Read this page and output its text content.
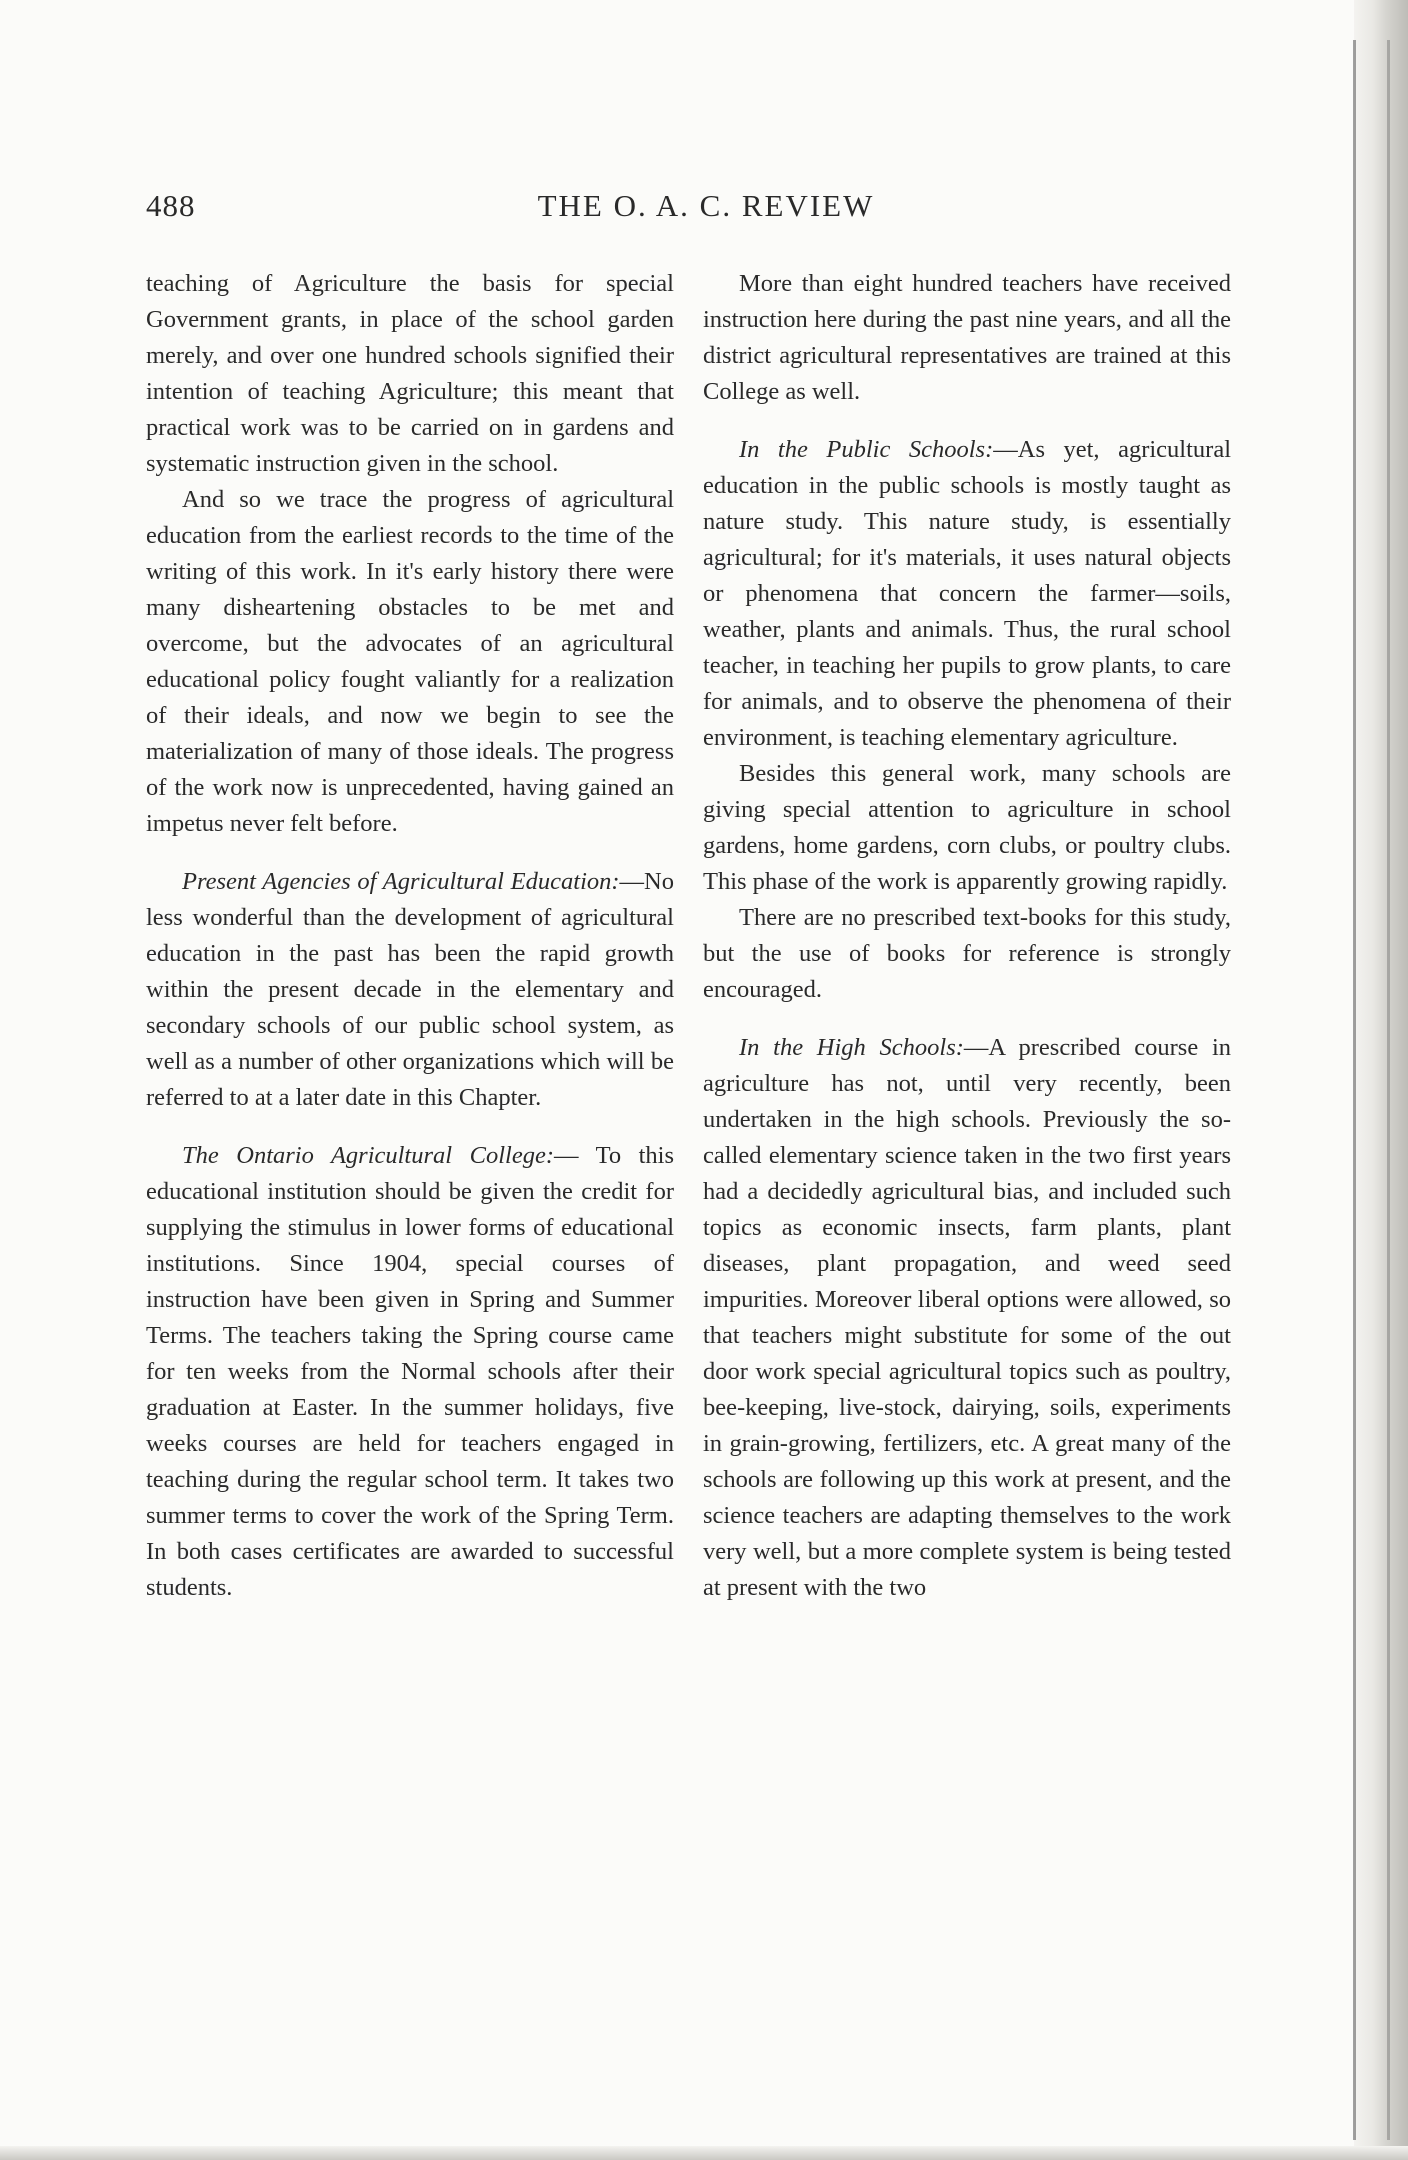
488	THE O. A. C. REVIEW

teaching of Agriculture the basis for special Government grants, in place of the school garden merely, and over one hundred schools signified their intention of teaching Agriculture; this meant that practical work was to be carried on in gardens and systematic instruction given in the school.

And so we trace the progress of agricultural education from the earliest records to the time of the writing of this work. In it's early history there were many disheartening obstacles to be met and overcome, but the advocates of an agricultural educational policy fought valiantly for a realization of their ideals, and now we begin to see the materialization of many of those ideals. The progress of the work now is unprecedented, having gained an impetus never felt before.

Present Agencies of Agricultural Education:—No less wonderful than the development of agricultural education in the past has been the rapid growth within the present decade in the elementary and secondary schools of our public school system, as well as a number of other organizations which will be referred to at a later date in this Chapter.

The Ontario Agricultural College:— To this educational institution should be given the credit for supplying the stimulus in lower forms of educational institutions. Since 1904, special courses of instruction have been given in Spring and Summer Terms. The teachers taking the Spring course came for ten weeks from the Normal schools after their graduation at Easter. In the summer holidays, five weeks courses are held for teachers engaged in teaching during the regular school term. It takes two summer terms to cover the work of the Spring Term. In both cases certificates are awarded to successful students.

More than eight hundred teachers have received instruction here during the past nine years, and all the district agricultural representatives are trained at this College as well.

In the Public Schools:—As yet, agricultural education in the public schools is mostly taught as nature study. This nature study, is essentially agricultural; for it's materials, it uses natural objects or phenomena that concern the farmer—soils, weather, plants and animals. Thus, the rural school teacher, in teaching her pupils to grow plants, to care for animals, and to observe the phenomena of their environment, is teaching elementary agriculture.

Besides this general work, many schools are giving special attention to agriculture in school gardens, home gardens, corn clubs, or poultry clubs. This phase of the work is apparently growing rapidly.

There are no prescribed text-books for this study, but the use of books for reference is strongly encouraged.

In the High Schools:—A prescribed course in agriculture has not, until very recently, been undertaken in the high schools. Previously the so-called elementary science taken in the two first years had a decidedly agricultural bias, and included such topics as economic insects, farm plants, plant diseases, plant propagation, and weed seed impurities. Moreover liberal options were allowed, so that teachers might substitute for some of the out door work special agricultural topics such as poultry, bee-keeping, live-stock, dairying, soils, experiments in grain-growing, fertilizers, etc. A great many of the schools are following up this work at present, and the science teachers are adapting themselves to the work very well, but a more complete system is being tested at present with the two
